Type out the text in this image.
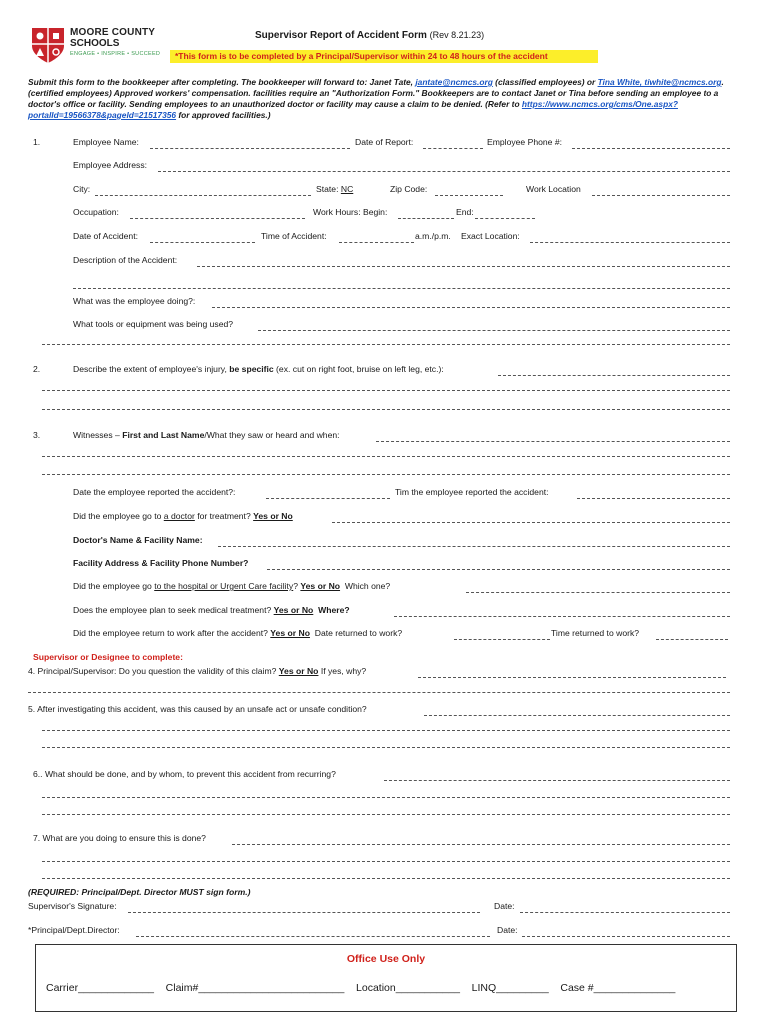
MOORE COUNTY
SCHOOLS
ENGAGE • INSPIRE • SUCCEED
Supervisor Report of Accident Form (Rev 8.21.23)
*This form is to be completed by a Principal/Supervisor within 24 to 48 hours of the accident
Submit this form to the bookkeeper after completing. The bookkeeper will forward to: Janet Tate, jantate@ncmcs.org (classified employees) or Tina White, tiwhite@ncmcs.org. (certified employees) Approved workers' compensation. facilities require an "Authorization Form." Bookkeepers are to contact Janet or Tina before sending an employee to a doctor's office or facility. Sending employees to an unauthorized doctor or facility may cause a claim to be denied. (Refer to https://www.ncmcs.org/cms/One.aspx?portalId=19566378&pageId=21517356 for approved facilities.)
1.	Employee Name:	Date of Report:	Employee Phone #:
Employee Address:
City:	State: NC	Zip Code:	Work Location
Occupation:	Work Hours: Begin:	End:
Date of Accident:	Time of Accident:	a.m./p.m. Exact Location:
Description of the Accident:
What was the employee doing?:
What tools or equipment was being used?
2.	Describe the extent of employee's injury, be specific (ex. cut on right foot, bruise on left leg, etc.):
3.	Witnesses – First and Last Name/What they saw or heard and when:
Date the employee reported the accident?:	Tim the employee reported the accident:
Did the employee go to a doctor for treatment? Yes or No
Doctor's Name & Facility Name:
Facility Address & Facility Phone Number?
Did the employee go to the hospital or Urgent Care facility? Yes or No Which one?
Does the employee plan to seek medical treatment? Yes or No Where?
Did the employee return to work after the accident? Yes or No Date returned to work?	Time returned to work?
Supervisor or Designee to complete:
4. Principal/Supervisor: Do you question the validity of this claim? Yes or No If yes, why?
5. After investigating this accident, was this caused by an unsafe act or unsafe condition?
6.. What should be done, and by whom, to prevent this accident from recurring?
7. What are you doing to ensure this is done?
(REQUIRED: Principal/Dept. Director MUST sign form.)
Supervisor's Signature:	Date:
*Principal/Dept.Director:	Date:
Office Use Only
Carrier_____________ Claim#_________________________ Location___________ LINQ_________ Case #______________
